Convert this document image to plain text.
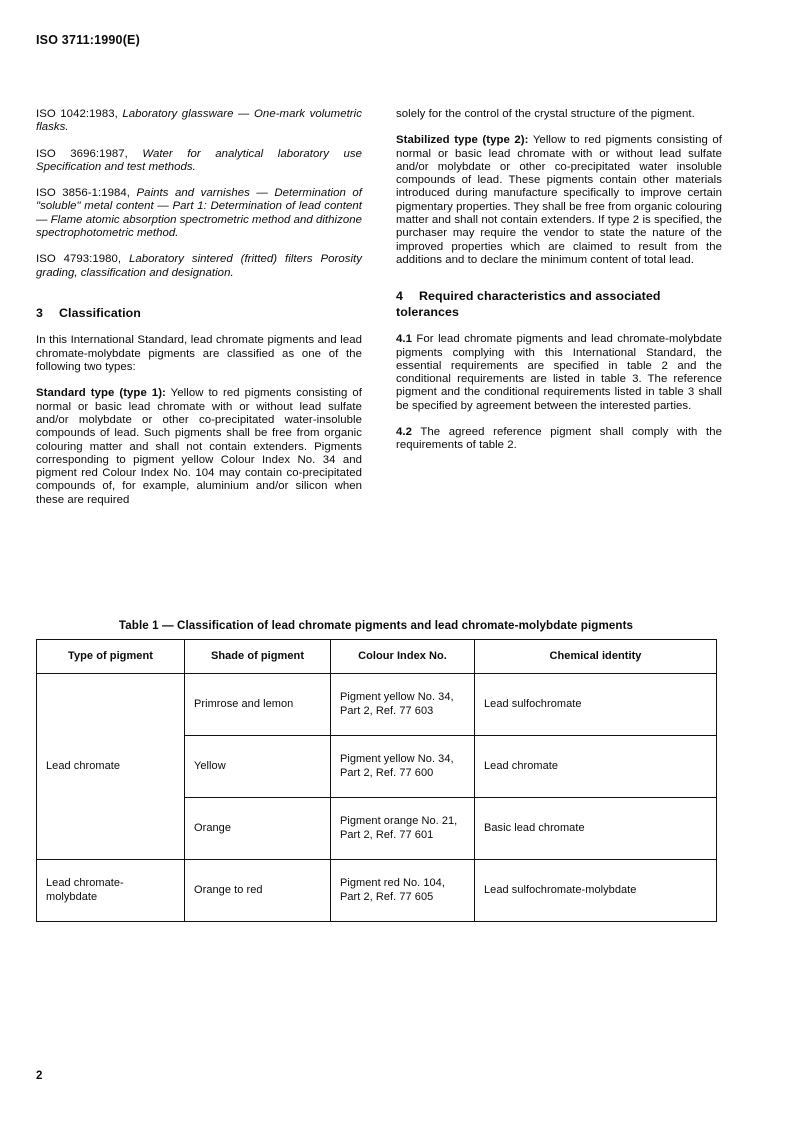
ISO 3711:1990(E)

ISO 1042:1983, Laboratory glassware — One-mark volumetric flasks.

ISO 3696:1987, Water for analytical laboratory use Specification and test methods.

ISO 3856-1:1984, Paints and varnishes — Determination of "soluble" metal content — Part 1: Determination of lead content — Flame atomic absorption spectrometric method and dithizone spectrophotometric method.

ISO 4793:1980, Laboratory sintered (fritted) filters Porosity grading, classification and designation.

3 Classification

In this International Standard, lead chromate pigments and lead chromate-molybdate pigments are classified as one of the following two types:

Standard type (type 1): Yellow to red pigments consisting of normal or basic lead chromate with or without lead sulfate and/or molybdate or other co-precipitated water-insoluble compounds of lead. Such pigments shall be free from organic colouring matter and shall not contain extenders. Pigments corresponding to pigment yellow Colour Index No. 34 and pigment red Colour Index No. 104 may contain co-precipitated compounds of, for example, aluminium and/or silicon when these are required

solely for the control of the crystal structure of the pigment.

Stabilized type (type 2): Yellow to red pigments consisting of normal or basic lead chromate with or without lead sulfate and/or molybdate or other co-precipitated water insoluble compounds of lead. These pigments contain other materials introduced during manufacture specifically to improve certain pigmentary properties. They shall be free from organic colouring matter and shall not contain extenders. If type 2 is specified, the purchaser may require the vendor to state the nature of the improved properties which are claimed to result from the additions and to declare the minimum content of total lead.

4 Required characteristics and associated tolerances

4.1 For lead chromate pigments and lead chromate-molybdate pigments complying with this International Standard, the essential requirements are specified in table 2 and the conditional requirements are listed in table 3. The reference pigment and the conditional requirements listed in table 3 shall be specified by agreement between the interested parties.

4.2 The agreed reference pigment shall comply with the requirements of table 2.

Table 1 — Classification of lead chromate pigments and lead chromate-molybdate pigments
Type of pigment	Shade of pigment	Colour Index No.	Chemical identity
Lead chromate	Primrose and lemon	Pigment yellow No. 34,
Part 2, Ref. 77 603	Lead sulfochromate
	Yellow	Pigment yellow No. 34,
Part 2, Ref. 77 600	Lead chromate
	Orange	Pigment orange No. 21,
Part 2, Ref. 77 601	Basic lead chromate

Lead chromate-
molybdate	Orange to red	Pigment red No. 104,
Part 2, Ref. 77 605	Lead sulfochromate-molybdate
2
